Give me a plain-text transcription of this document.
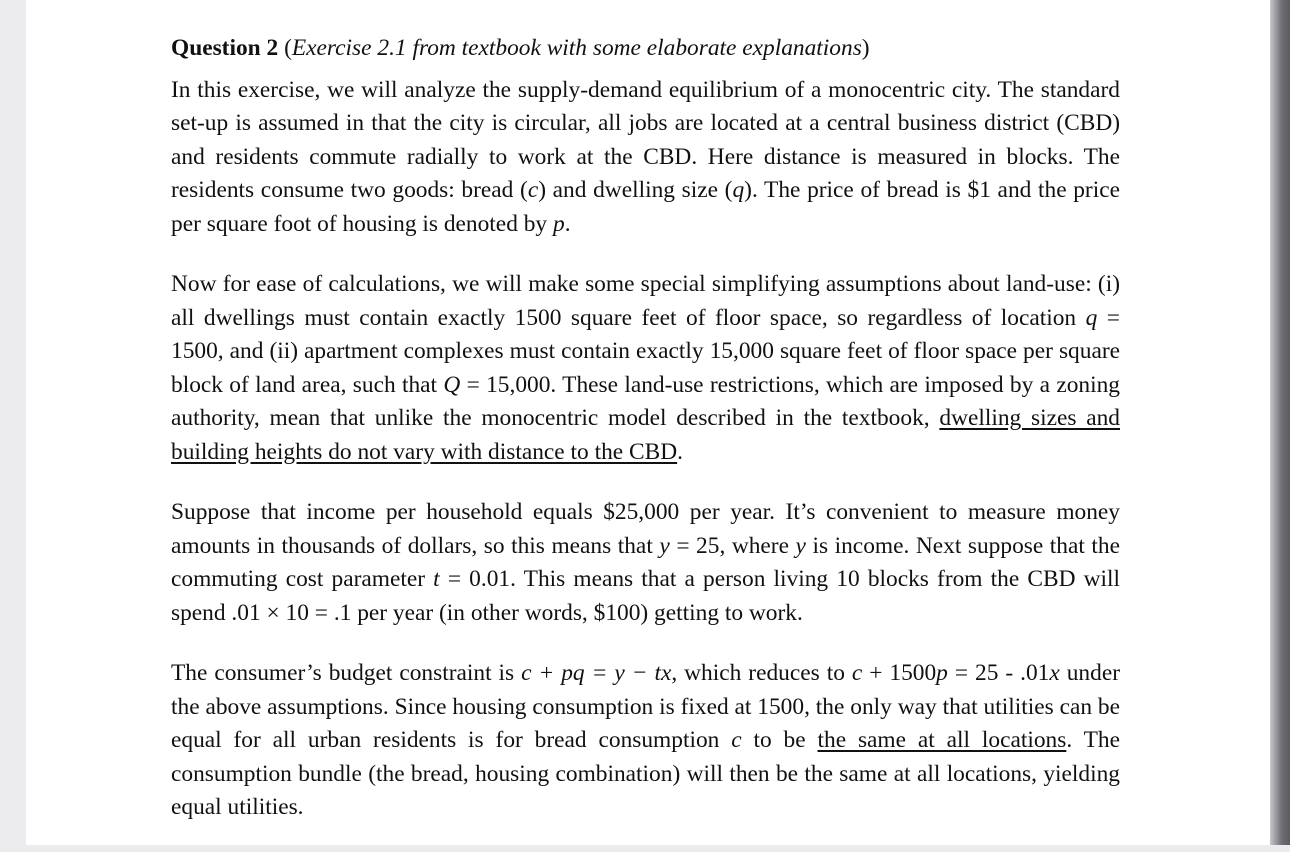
Question 2 (Exercise 2.1 from textbook with some elaborate explanations)

In this exercise, we will analyze the supply-demand equilibrium of a monocentric city. The standard set-up is assumed in that the city is circular, all jobs are located at a central business district (CBD) and residents commute radially to work at the CBD. Here distance is measured in blocks. The residents consume two goods: bread (c) and dwelling size (q). The price of bread is $1 and the price per square foot of housing is denoted by p.

Now for ease of calculations, we will make some special simplifying assumptions about land-use: (i) all dwellings must contain exactly 1500 square feet of floor space, so regardless of location q = 1500, and (ii) apartment complexes must contain exactly 15,000 square feet of floor space per square block of land area, such that Q = 15,000. These land-use restrictions, which are imposed by a zoning authority, mean that unlike the monocentric model described in the textbook, dwelling sizes and building heights do not vary with distance to the CBD.

Suppose that income per household equals $25,000 per year. It’s convenient to measure money amounts in thousands of dollars, so this means that y = 25, where y is income. Next suppose that the commuting cost parameter t = 0.01. This means that a person living 10 blocks from the CBD will spend .01 × 10 = .1 per year (in other words, $100) getting to work.

The consumer’s budget constraint is c + pq = y − tx, which reduces to c + 1500p = 25 - .01x under the above assumptions. Since housing consumption is fixed at 1500, the only way that utilities can be equal for all urban residents is for bread consumption c to be the same at all locations. The consumption bundle (the bread, housing combination) will then be the same at all locations, yielding equal utilities.
